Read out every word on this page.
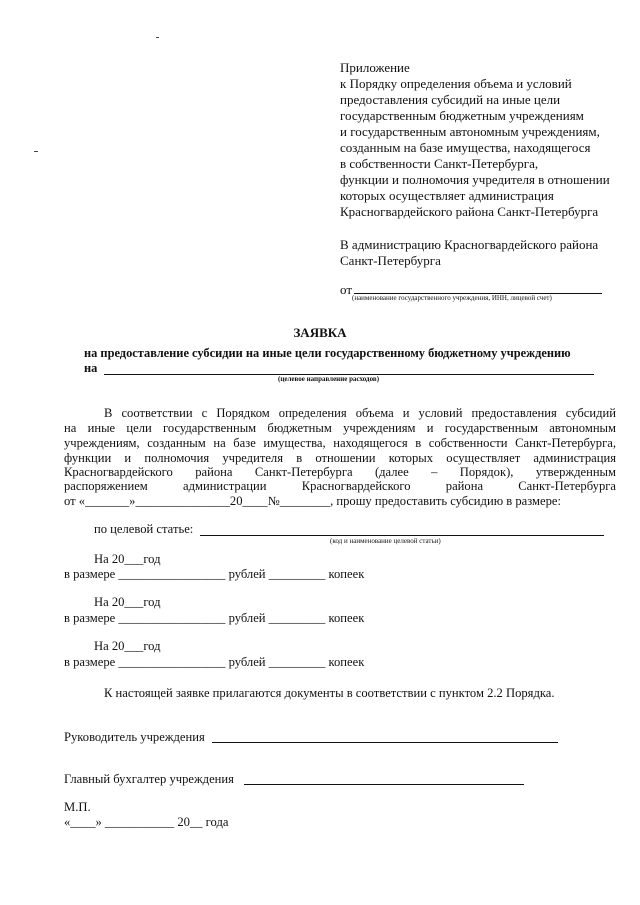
Приложение
к Порядку определения объема и условий
предоставления субсидий на иные цели
государственным бюджетным учреждениям
и государственным автономным учреждениям,
созданным на базе имущества, находящегося
в собственности Санкт-Петербурга,
функции и полномочия учредителя в отношении
которых осуществляет администрация
Красногвардейского района Санкт-Петербурга
В администрацию Красногвардейского района
Санкт-Петербурга
от
(наименование государственного учреждения, ИНН, лицевой счет)
ЗАЯВКА
на предоставление субсидии на иные цели государственному бюджетному учреждению
на
(целевое направление расходов)
В соответствии с Порядком определения объема и условий предоставления субсидий
на иные цели государственным бюджетным учреждениям и государственным автономным
учреждениям, созданным на базе имущества, находящегося в собственности Санкт-Петербурга,
функции и полномочия учредителя в отношении которых осуществляет администрация
Красногвардейского района Санкт-Петербурга (далее – Порядок), утвержденным
распоряжением администрации Красногвардейского района Санкт-Петербурга
от «_______»_______________20____№________, прошу предоставить субсидию в размере:
по целевой статье:
(код и наименование целевой статьи)
На 20___год
в размере _________________ рублей _________ копеек
На 20___год
в размере _________________ рублей _________ копеек
На 20___год
в размере _________________ рублей _________ копеек
К настоящей заявке прилагаются документы в соответствии с пунктом 2.2 Порядка.
Руководитель учреждения
Главный бухгалтер учреждения
М.П.
«____» ___________ 20__ года
